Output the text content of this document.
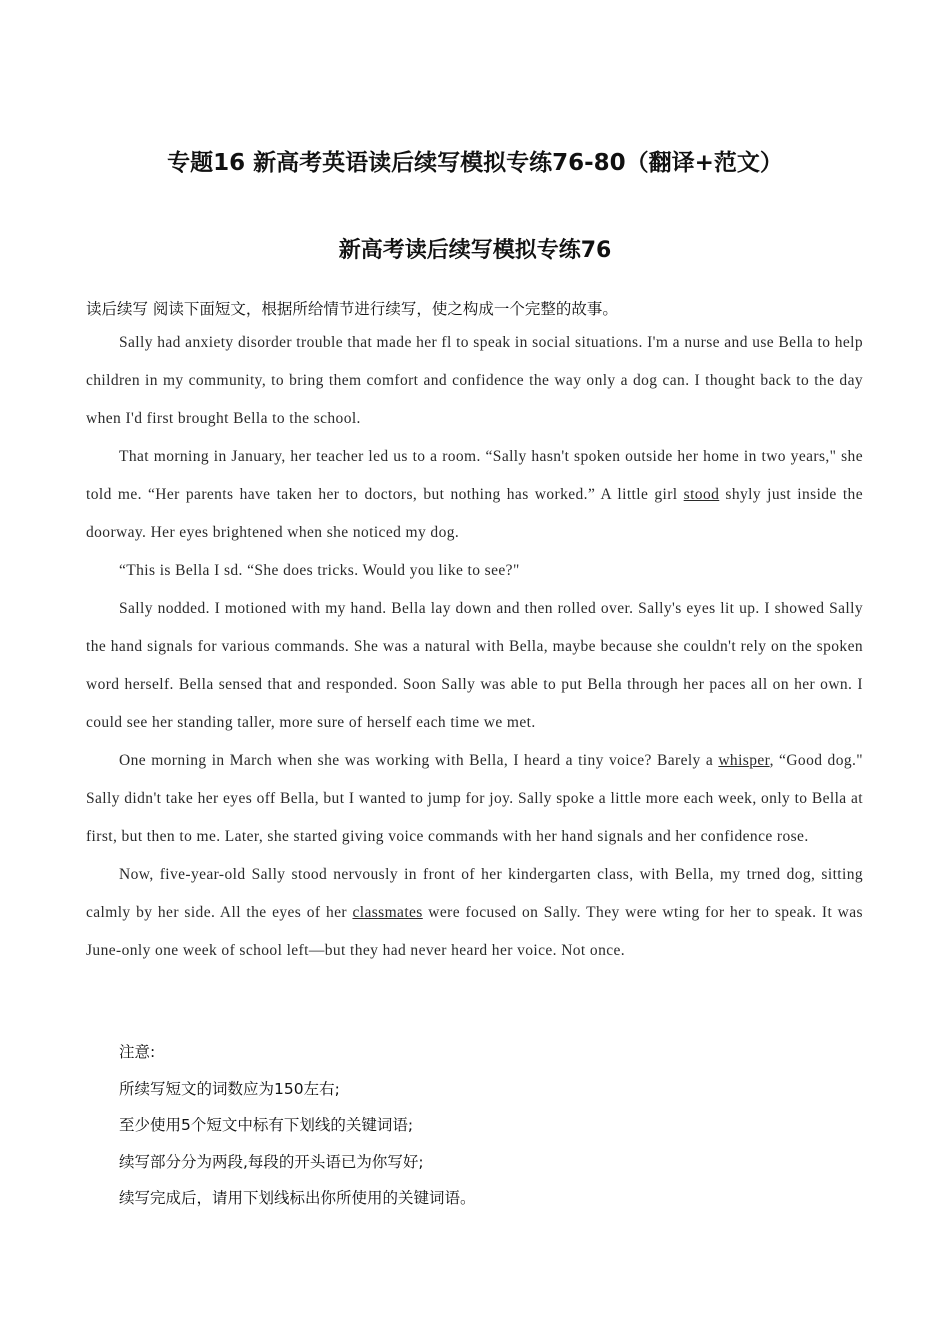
专题16 新高考英语读后续写模拟专练76-80（翻译+范文）
新高考读后续写模拟专练76
读后续写 阅读下面短文，根据所给情节进行续写，使之构成一个完整的故事。

Sally had anxiety disorder trouble that made her fl to speak in social situations. I'm a nurse and use Bella to help children in my community, to bring them comfort and confidence the way only a dog can. I thought back to the day when I'd first brought Bella to the school.

That morning in January, her teacher led us to a room. “Sally hasn't spoken outside her home in two years," she told me. “Her parents have taken her to doctors, but nothing has worked.” A little girl stood shyly just inside the doorway. Her eyes brightened when she noticed my dog.

“This is Bella I sd. “She does tricks. Would you like to see?"

Sally nodded. I motioned with my hand. Bella lay down and then rolled over. Sally's eyes lit up. I showed Sally the hand signals for various commands. She was a natural with Bella, maybe because she couldn't rely on the spoken word herself. Bella sensed that and responded. Soon Sally was able to put Bella through her paces all on her own. I could see her standing taller, more sure of herself each time we met.

One morning in March when she was working with Bella, I heard a tiny voice? Barely a whisper, “Good dog." Sally didn't take her eyes off Bella, but I wanted to jump for joy. Sally spoke a little more each week, only to Bella at first, but then to me. Later, she started giving voice commands with her hand signals and her confidence rose.

Now, five-year-old Sally stood nervously in front of her kindergarten class, with Bella, my trned dog, sitting calmly by her side. All the eyes of her classmates were focused on Sally. They were wting for her to speak. It was June-only one week of school left—but they had never heard her voice. Not once.

注意:
所续写短文的词数应为150左右;
至少使用5个短文中标有下划线的关键词语;
续写部分分为两段,每段的开头语已为你写好;
续写完成后，请用下划线标出你所使用的关键词语。
